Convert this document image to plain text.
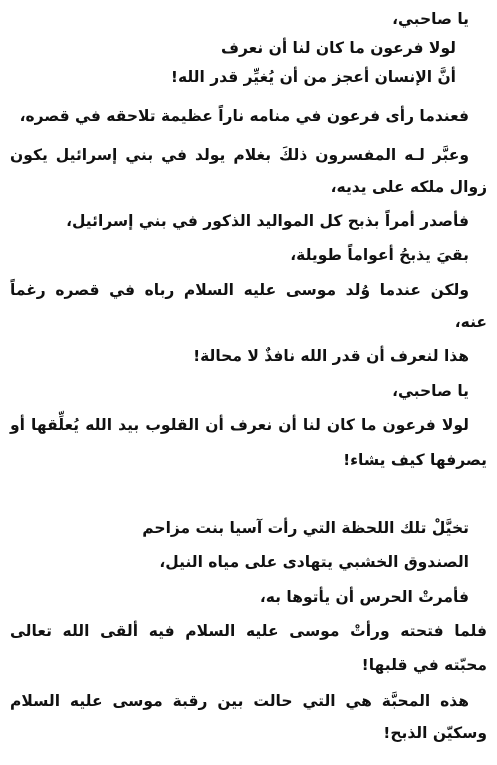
يا صاحبي،
لولا فرعون ما كان لنا أن نعرف
أنَّ الإنسان أعجز من أن يُغيِّر قدر الله!
فعندما رأى فرعون في منامه ناراً عظيمة تلاحقه في قصره،
وعبَّر لـه المفسرون ذلكَ بغلام يولد في بني إسرائيل يكون
زوال ملكه على يديه،
فأصدر أمراً بذبح كل المواليد الذكور في بني إسرائيل،
بقيَ يذبحُ أعواماً طويلة،
ولكن عندما وُلد موسى عليه السلام رباه في قصره رغماً
عنه،
هذا لنعرف أن قدر الله نافذٌ لا محالة!
يا صاحبي،
لولا فرعون ما كان لنا أن نعرف أن القلوب بيد الله يُعلِّقها أو
يصرفها كيف يشاء!
تخيَّلْ تلك اللحظة التي رأت آسيا بنت مزاحم
الصندوق الخشبي يتهادى على مياه النيل،
فأمرتْ الحرس أن يأتوها به،
فلما فتحته ورأتْ موسى عليه السلام فيه ألقى الله تعالى
محبّته في قلبها!
هذه المحبَّة هي التي حالت بين رقبة موسى عليه السلام
وسكيّن الذبح!
